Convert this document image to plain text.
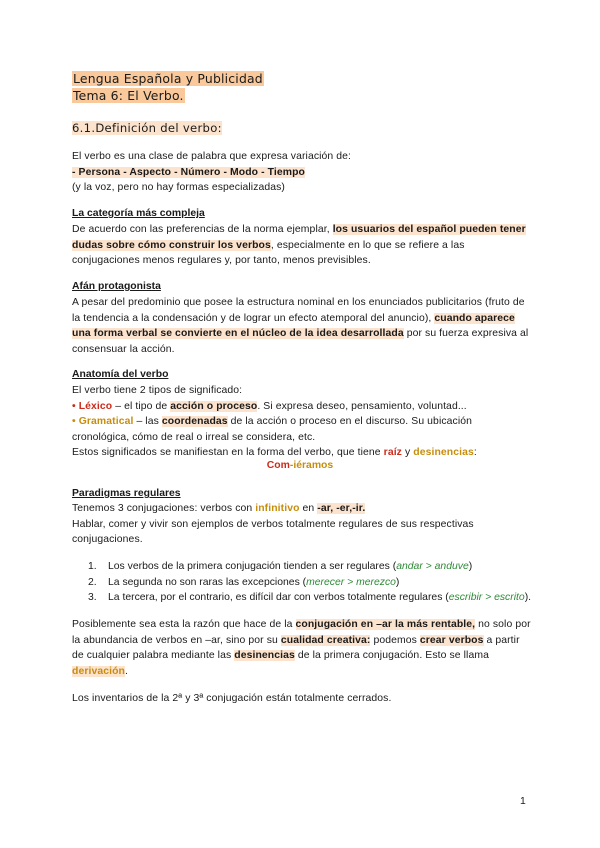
Lengua Española y Publicidad
Tema 6: El Verbo.
6.1.Definición del verbo:

El verbo es una clase de palabra que expresa variación de:
- Persona - Aspecto - Número - Modo - Tiempo
(y la voz, pero no hay formas especializadas)

La categoría más compleja

De acuerdo con las preferencias de la norma ejemplar, los usuarios del español pueden tener dudas sobre cómo construir los verbos, especialmente en lo que se refiere a las conjugaciones menos regulares y, por tanto, menos previsibles.

Afán protagonista

A pesar del predominio que posee la estructura nominal en los enunciados publicitarios (fruto de la tendencia a la condensación y de lograr un efecto atemporal del anuncio), cuando aparece una forma verbal se convierte en el núcleo de la idea desarrollada por su fuerza expresiva al consensuar la acción.

Anatomía del verbo

El verbo tiene 2 tipos de significado:
• Léxico – el tipo de acción o proceso. Si expresa deseo, pensamiento, voluntad...
• Gramatical – las coordenadas de la acción o proceso en el discurso. Su ubicación cronológica, cómo de real o irreal se considera, etc.
Estos significados se manifiestan en la forma del verbo, que tiene raíz y desinencias:

Com-iéramos
Paradigmas regulares

Tenemos 3 conjugaciones: verbos con infinitivo en -ar, -er,-ir.
Hablar, comer y vivir son ejemplos de verbos totalmente regulares de sus respectivas conjugaciones.

1. Los verbos de la primera conjugación tienden a ser regulares (andar > anduve)
2. La segunda no son raras las excepciones (merecer > merezco)
3. La tercera, por el contrario, es difícil dar con verbos totalmente regulares (escribir > escrito).

Posiblemente sea esta la razón que hace de la conjugación en –ar la más rentable, no solo por la abundancia de verbos en –ar, sino por su cualidad creativa: podemos crear verbos a partir de cualquier palabra mediante las desinencias de la primera conjugación. Esto se llama derivación.

Los inventarios de la 2ª y 3ª conjugación están totalmente cerrados.

1
